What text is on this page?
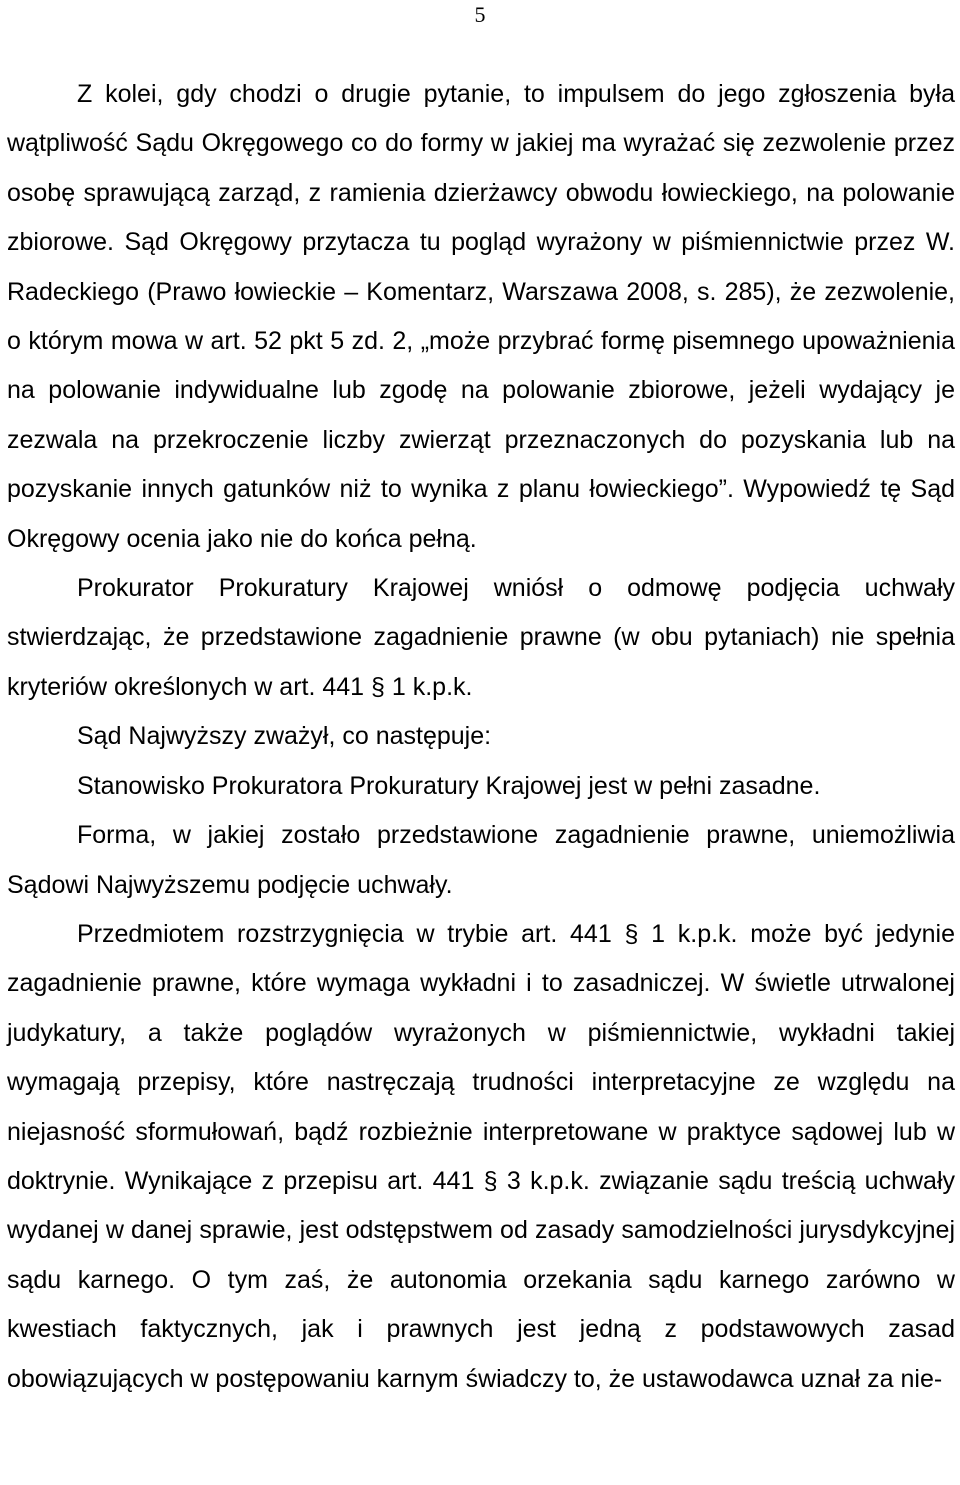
5

Z kolei, gdy chodzi o drugie pytanie, to impulsem do jego zgłoszenia była wątpliwość Sądu Okręgowego co do formy w jakiej ma wyrażać się zezwolenie przez osobę sprawującą zarząd, z ramienia dzierżawcy obwodu łowieckiego, na polowanie zbiorowe. Sąd Okręgowy przytacza tu pogląd wyrażony w piśmiennictwie przez W. Radeckiego (Prawo łowieckie – Komentarz, Warszawa 2008, s. 285), że zezwolenie, o którym mowa w art. 52 pkt 5 zd. 2, „może przybrać formę pisemnego upoważnienia na polowanie indywidualne lub zgodę na polowanie zbiorowe, jeżeli wydający je zezwala na przekroczenie liczby zwierząt przeznaczonych do pozyskania lub na pozyskanie innych gatunków niż to wynika z planu łowieckiego”. Wypowiedź tę Sąd Okręgowy ocenia jako nie do końca pełną.

Prokurator Prokuratury Krajowej wniósł o odmowę podjęcia uchwały stwierdzając, że przedstawione zagadnienie prawne (w obu pytaniach) nie spełnia kryteriów określonych w art. 441 § 1 k.p.k.

Sąd Najwyższy zważył, co następuje:

Stanowisko Prokuratora Prokuratury Krajowej jest w pełni zasadne.

Forma, w jakiej zostało przedstawione zagadnienie prawne, uniemożliwia Sądowi Najwyższemu podjęcie uchwały.

Przedmiotem rozstrzygnięcia w trybie art. 441 § 1 k.p.k. może być jedynie zagadnienie prawne, które wymaga wykładni i to zasadniczej. W świetle utrwalonej judykatury, a także poglądów wyrażonych w piśmiennictwie, wykładni takiej wymagają przepisy, które nastręczają trudności interpretacyjne ze względu na niejasność sformułowań, bądź rozbieżnie interpretowane w praktyce sądowej lub w doktrynie. Wynikające z przepisu art. 441 § 3 k.p.k. związanie sądu treścią uchwały wydanej w danej sprawie, jest odstępstwem od zasady samodzielności jurysdykcyjnej sądu karnego. O tym zaś, że autonomia orzekania sądu karnego zarówno w kwestiach faktycznych, jak i prawnych jest jedną z podstawowych zasad obowiązujących w postępowaniu karnym świadczy to, że ustawodawca uznał za nie-
